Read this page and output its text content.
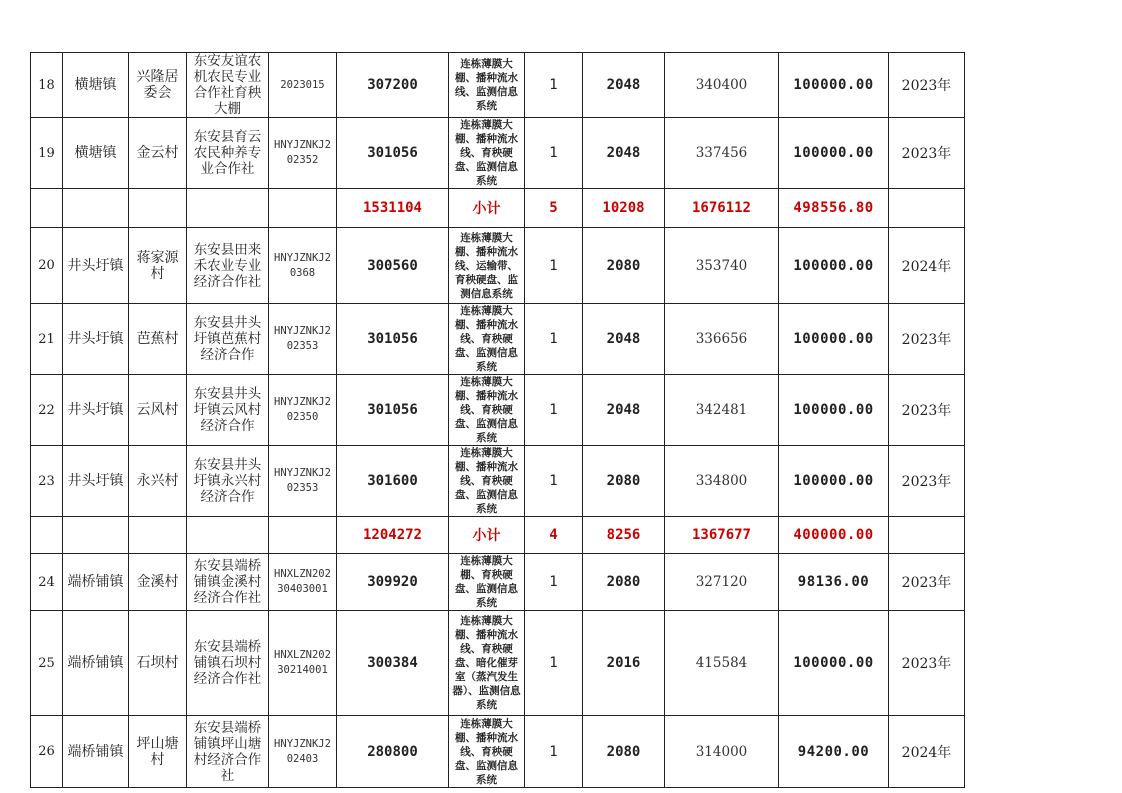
18	横塘镇	兴隆居委会	东安友谊农机农民专业合作社育秧大棚	2023015	307200	连栋薄膜大棚、播种流水线、监测信息系统	1	2048	340400	100000.00	2023年
19	横塘镇	金云村	东安县育云农民种养专业合作社	HNYJZNKJ202352	301056	连栋薄膜大棚、播种流水线、育秧硬盘、监测信息系统	1	2048	337456	100000.00	2023年
					1531104	小计	5	10208	1676112	498556.80	
20	井头圩镇	蒋家源村	东安县田来禾农业专业经济合作社	HNYJZNKJ20368	300560	连栋薄膜大棚、播种流水线、运输带、育秧硬盘、监测信息系统	1	2080	353740	100000.00	2024年
21	井头圩镇	芭蕉村	东安县井头圩镇芭蕉村经济合作	HNYJZNKJ202353	301056	连栋薄膜大棚、播种流水线、育秧硬盘、监测信息系统	1	2048	336656	100000.00	2023年
22	井头圩镇	云风村	东安县井头圩镇云风村经济合作	HNYJZNKJ202350	301056	连栋薄膜大棚、播种流水线、育秧硬盘、监测信息系统	1	2048	342481	100000.00	2023年
23	井头圩镇	永兴村	东安县井头圩镇永兴村经济合作	HNYJZNKJ202353	301600	连栋薄膜大棚、播种流水线、育秧硬盘、监测信息系统	1	2080	334800	100000.00	2023年
					1204272	小计	4	8256	1367677	400000.00	
24	端桥铺镇	金溪村	东安县端桥铺镇金溪村经济合作社	HNXLZN20230403001	309920	连栋薄膜大棚、育秧硬盘、监测信息系统	1	2080	327120	98136.00	2023年
25	端桥铺镇	石坝村	东安县端桥铺镇石坝村经济合作社	HNXLZN20230214001	300384	连栋薄膜大棚、播种流水线、育秧硬盘、暗化催芽室（蒸汽发生器）、监测信息系统	1	2016	415584	100000.00	2023年
26	端桥铺镇	坪山塘村	东安县端桥铺镇坪山塘村经济合作社	HNYJZNKJ202403	280800	连栋薄膜大棚、播种流水线、育秧硬盘、监测信息系统	1	2080	314000	94200.00	2024年
